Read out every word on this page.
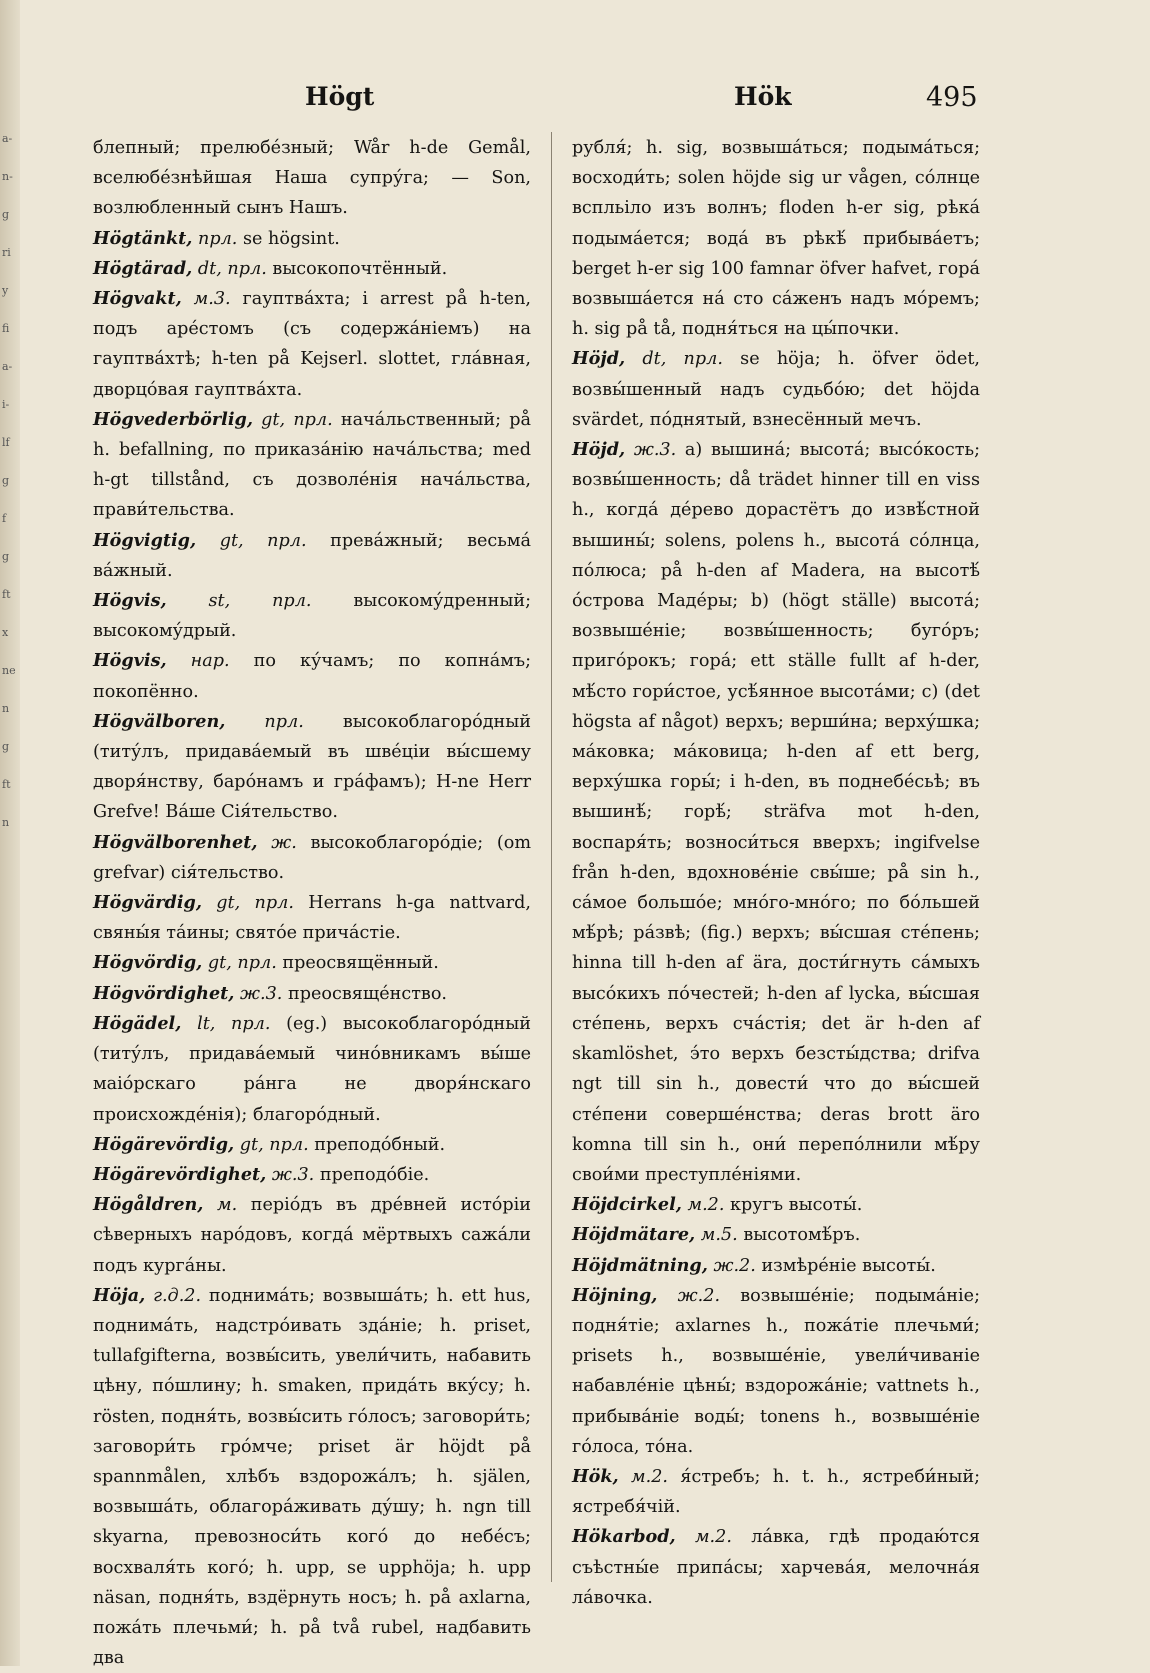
a-
n-
g
ri
y
fi
a-
i-
lf
g
f
g
ft
x
ne
n
g
ft
n
Högt	Hök	495

блепный; прелюбе́зный; Wår h-de Gemål, вселюбе́знѣйшая Наша супру́га; — Son, возлюбленный сынъ Нашъ.

Högtänkt, прл. se högsint.

Högtärad, dt, прл. высокопочтённый.

Högvakt, м.3. гауптва́хта; i arrest på h-ten, подъ аре́стомъ (съ содержа́ніемъ) на гауптва́хтѣ; h-ten på Kejserl. slottet, гла́вная, дворцо́вая гауптва́хта.

Högvederbörlig, gt, прл. нача́льственный; på h. befallning, по приказа́нію нача́льства; med h-gt tillstånd, съ дозволе́нія нача́льства, прави́тельства.

Högvigtig, gt, прл. прева́жный; весьма́ ва́жный.

Högvis, st, прл. высокому́дренный; высокому́дрый.

Högvis, нар. по ку́чамъ; по копна́мъ; покопённо.

Högvälboren, прл. высокоблагоро́дный (титу́лъ, придава́емый въ шве́ціи вы́сшему дворя́нству, баро́намъ и гра́фамъ); H-ne Herr Grefve! Ва́ше Сія́тельство.

Högvälborenhet, ж. высокоблагоро́діе; (om grefvar) сія́тельство.

Högvärdig, gt, прл. Herrans h-ga nattvard, свяны́я та́ины; свято́е прича́стіе.

Högvördig, gt, прл. преосвящённый.

Högvördighet, ж.3. преосвяще́нство.

Högädel, lt, прл. (eg.) высокоблагоро́дный (титу́лъ, придава́емый чино́вникамъ вы́ше маіо́рскаго ра́нга не дворя́нскаго происхожде́нія); благоро́дный.

Högärevördig, gt, прл. преподо́бный.

Högärevördighet, ж.3. преподо́біе.

Högåldren, м. періо́дъ въ дре́вней исто́ріи сѣверныхъ наро́довъ, когда́ мёртвыхъ сажа́ли подъ курга́ны.

Höja, г.д.2. поднима́ть; возвыша́ть; h. ett hus, поднима́ть, надстро́ивать зда́ніе; h. priset, tullafgifterna, возвы́сить, увели́чить, набавить цѣну, по́шлину; h. smaken, прида́ть вку́су; h. rösten, подня́ть, возвы́сить го́лосъ; заговори́ть; заговори́ть гро́мче; priset är höjdt på spannmålen, хлѣбъ вздорожа́лъ; h. själen, возвыша́ть, облагора́живать ду́шу; h. ngn till skyarna, превозноси́ть кого́ до небе́съ; восхваля́ть кого́; h. upp, se upphöja; h. upp näsan, подня́ть, вздёрнуть носъ; h. på axlarna, пожа́ть плечьми́; h. på två rubel, надбавить два

рубля́; h. sig, возвыша́ться; подыма́ться; восходи́ть; solen höjde sig ur vågen, со́лнце вспльіло изъ волнъ; floden h-er sig, рѣка́ подыма́ется; вода́ въ рѣкѣ́ прибыва́етъ; berget h-er sig 100 famnar öfver hafvet, гора́ возвыша́ется на́ сто са́женъ надъ мо́ремъ; h. sig på tå, подня́ться на цы́почки.

Höjd, dt, прл. se höja; h. öfver ödet, возвы́шенный надъ судьбо́ю; det höjda svärdet, по́днятый, взнесённый мечъ.

Höjd, ж.3. a) вышина́; высота́; высо́кость; возвы́шенность; då trädet hinner till en viss h., когда́ де́рево дорастётъ до извѣ́стной вышины́; solens, polens h., высота́ со́лнца, по́люса; på h-den af Madera, на высотѣ́ о́строва Маде́ры; b) (högt ställe) высота́; возвыше́ніе; возвы́шенность; буго́ръ; приго́рокъ; гора́; ett ställe fullt af h-der, мѣ́сто гори́стое, усѣ́янное высота́ми; c) (det högsta af något) верхъ; верши́на; верху́шка; ма́ковка; ма́ковица; h-den af ett berg, верху́шка горы́; i h-den, въ поднебе́сьѣ; въ вышинѣ́; горѣ́; sträfva mot h-den, воспаря́ть; возноси́ться вверхъ; ingifvelse från h-den, вдохнове́ніе свы́ше; på sin h., са́мое большо́е; мно́го-мно́го; по бо́льшей мѣ́рѣ; ра́звѣ; (fig.) верхъ; вы́сшая сте́пень; hinna till h-den af ära, дости́гнуть са́мыхъ высо́кихъ по́честей; h-den af lycka, вы́сшая сте́пень, верхъ сча́стія; det är h-den af skamlöshet, э́то верхъ безсты́дства; drifva ngt till sin h., довести́ что до вы́сшей сте́пени соверше́нства; deras brott äro komna till sin h., они́ перепо́лнили мѣ́ру свои́ми преступле́ніями.

Höjdcirkel, м.2. кругъ высоты́.

Höjdmätare, м.5. высотомѣ́ръ.

Höjdmätning, ж.2. измѣре́ніе высоты́.

Höjning, ж.2. возвыше́ніе; подыма́ніе; подня́тіе; axlarnes h., пожа́тіе плечьми́; prisets h., возвыше́ніе, увели́чиваніе набавле́ніе цѣны́; вздорожа́ніе; vattnets h., прибыва́ніе воды́; tonens h., возвыше́ніе го́лоса, то́на.

Hök, м.2. я́стребъ; h. t. h., ястреби́ный; ястребя́чій.

Hökarbod, м.2. ла́вка, гдѣ продаю́тся съѣстны́е припа́сы; харчева́я, мелочна́я ла́вочка.
